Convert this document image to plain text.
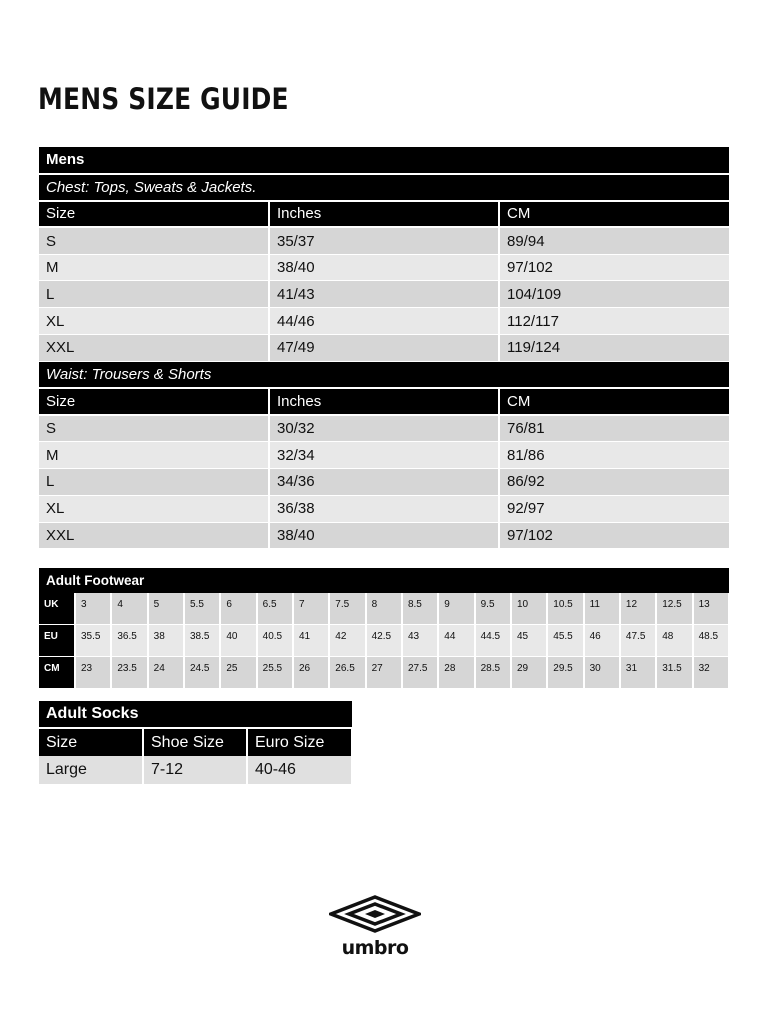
MENS SIZE GUIDE
Mens		
Chest: Tops, Sweats & Jackets.		
Size	Inches	CM
S	35/37	89/94
M	38/40	97/102
L	41/43	104/109
XL	44/46	112/117
XXL	47/49	119/124
Waist: Trousers & Shorts		
Size	Inches	CM
S	30/32	76/81
M	32/34	81/86
L	34/36	86/92
XL	36/38	92/97
XXL	38/40	97/102
Adult Footwear																		
UK	3	4	5	5.5	6	6.5	7	7.5	8	8.5	9	9.5	10	10.5	11	12	12.5	13
EU	35.5	36.5	38	38.5	40	40.5	41	42	42.5	43	44	44.5	45	45.5	46	47.5	48	48.5
CM	23	23.5	24	24.5	25	25.5	26	26.5	27	27.5	28	28.5	29	29.5	30	31	31.5	32
Adult Socks		
Size	Shoe Size	Euro Size
Large	7-12	40-46
umbro
